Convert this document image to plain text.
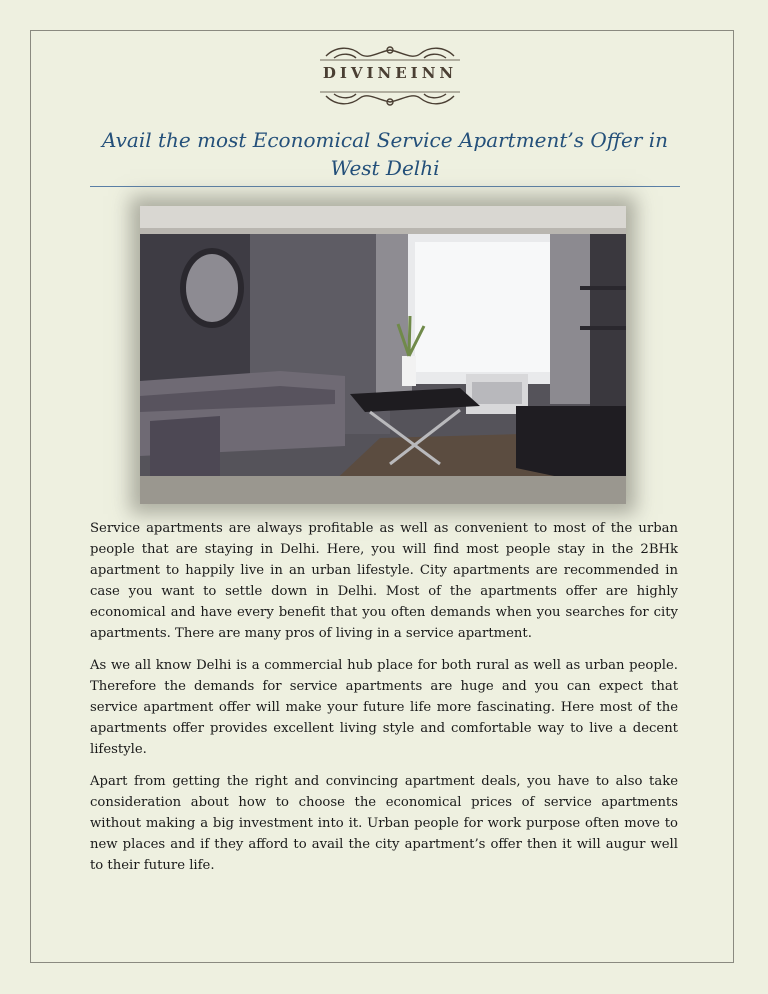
DIVINEINN
Avail the most Economical Service Apartment’s Offer in West Delhi

Service apartments are always profitable as well as convenient to most of the urban people that are staying in Delhi. Here, you will find most people stay in the 2BHk apartment to happily live in an urban lifestyle. City apartments are recommended in case you want to settle down in Delhi. Most of the apartments offer are highly economical and have every benefit that you often demands when you searches for city apartments. There are many pros of living in a service apartment.

As we all know Delhi is a commercial hub place for both rural as well as urban people. Therefore the demands for service apartments are huge and you can expect that service apartment offer will make your future life more fascinating. Here most of the apartments offer provides excellent living style and comfortable way to live a decent lifestyle.

Apart from getting the right and convincing apartment deals, you have to also take consideration about how to choose the economical prices of service apartments without making a big investment into it. Urban people for work purpose often move to new places and if they afford to avail the city apartment’s offer then it will augur well to their future life.
